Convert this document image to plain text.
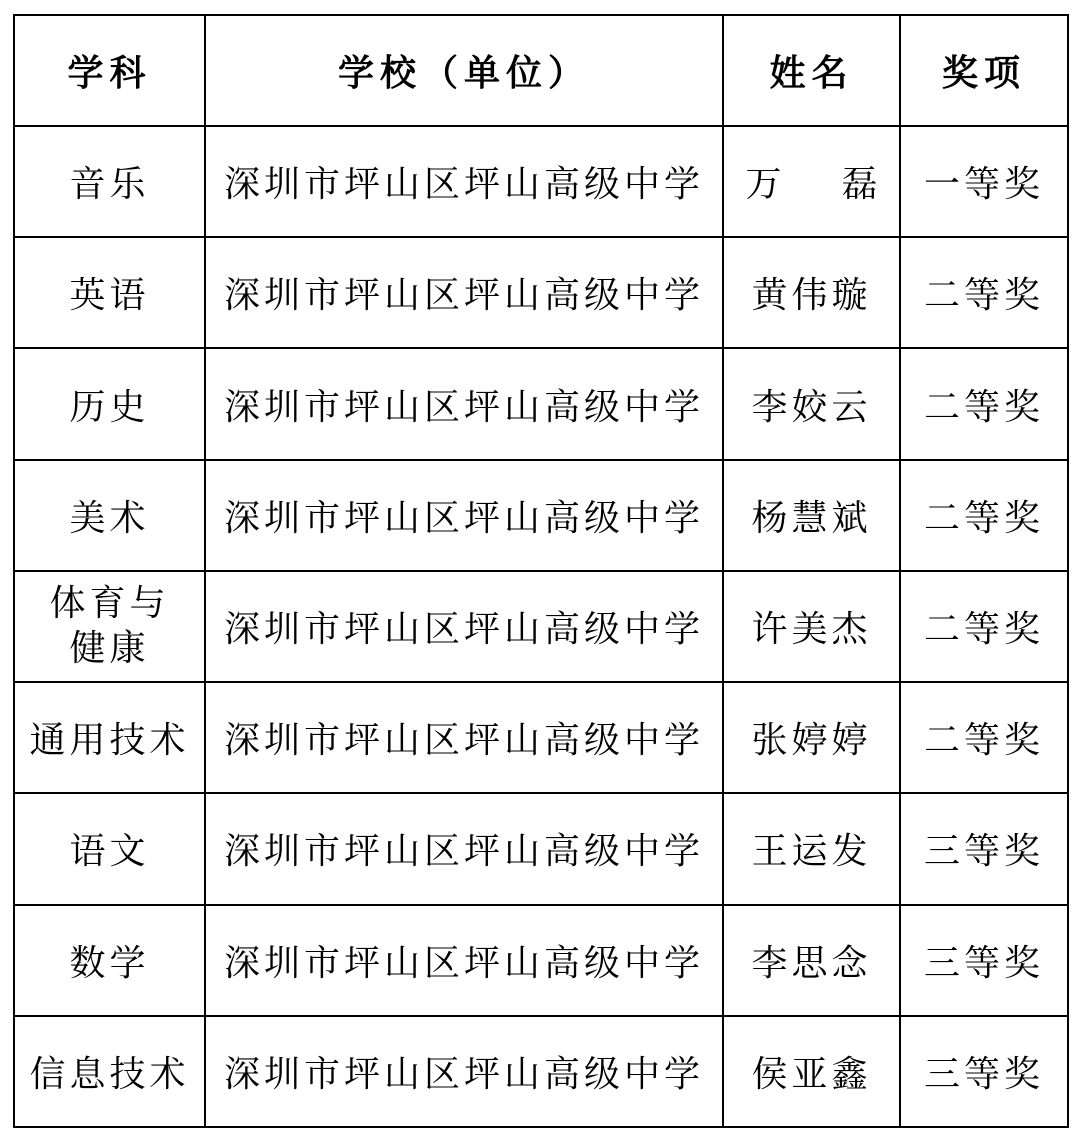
学科	学校（单位）	姓名	奖项
音乐	深圳市坪山区坪山高级中学	万 磊	一等奖
英语	深圳市坪山区坪山高级中学	黄伟璇	二等奖
历史	深圳市坪山区坪山高级中学	李姣云	二等奖
美术	深圳市坪山区坪山高级中学	杨慧斌	二等奖
体育与健康	深圳市坪山区坪山高级中学	许美杰	二等奖
通用技术	深圳市坪山区坪山高级中学	张婷婷	二等奖
语文	深圳市坪山区坪山高级中学	王运发	三等奖
数学	深圳市坪山区坪山高级中学	李思念	三等奖
信息技术	深圳市坪山区坪山高级中学	侯亚鑫	三等奖
